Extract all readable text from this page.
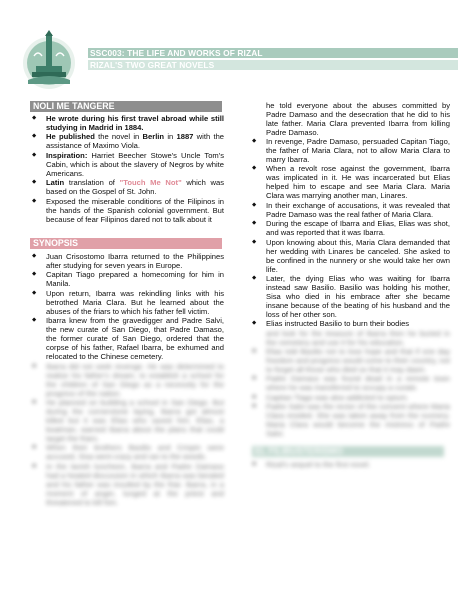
SSC003: THE LIFE AND WORKS OF RIZAL
RIZAL'S TWO GREAT NOVELS
NOLI ME TANGERE
◆ He wrote during his first travel abroad while still studying in Madrid in 1884.
◆ He published the novel in Berlin in 1887 with the assistance of Maximo Viola.
◆ Inspiration: Harriet Beecher Stowe's Uncle Tom's Cabin, which is about the slavery of Negros by white Americans.
◆ Latin translation of "Touch Me Not" which was based on the Gospel of St. John.
◆ Exposed the miserable conditions of the Filipinos in the hands of the Spanish colonial government. But because of fear Filipinos dared not to talk about it
SYNOPSIS
◆ Juan Crisostomo Ibarra returned to the Philippines after studying for seven years in Europe.
◆ Capitan Tiago prepared a homecoming for him in Manila.
◆ Upon return, Ibarra was rekindling links with his betrothed Maria Clara. But he learned about the abuses of the friars to which his father fell victim.
◆ Ibarra knew from the gravedigger and Padre Salvi, the new curate of San Diego, that Padre Damaso, the former curate of San Diego, ordered that the corpse of his father, Rafael Ibarra, be exhumed and relocated to the Chinese cemetery.
◆ Ibarra did not seek revenge. He was determined to realize his father's dream, to establish a school for the children of San Diego as a necessity for the progress of the nation.
◆ He planned on building a school in San Diego. But during the cornerstone laying, Ibarra got almost killed but it was Elias who saved him. Elias, a boatman, warned Ibarra about the plans that could target the friars.
◆ When their brothers Basilio and Crispin were accused, Sisa went crazy and ran to the woods.
◆ In the lavish luncheon, Ibarra and Padre Damaso had a heated discussion in which Ibarra was berated and his father was insulted by the friar. Ibarra, in a moment of anger, lunged at the priest and threatened to kill him.
he told everyone about the abuses committed by Padre Damaso and the desecration that he did to his late father. Maria Clara prevented Ibarra from killing Padre Damaso.
◆ In revenge, Padre Damaso, persuaded Capitan Tiago, the father of Maria Clara, not to allow Maria Clara to marry Ibarra.
◆ When a revolt rose against the government, Ibarra was implicated in it. He was incarcerated but Elias helped him to escape and see Maria Clara. Maria Clara was marrying another man, Linares.
◆ In their exchange of accusations, it was revealed that Padre Damaso was the real father of Maria Clara.
◆ During the escape of Ibarra and Elias, Elias was shot, and was reported that it was Ibarra.
◆ Upon knowing about this, Maria Clara demanded that her wedding with Linares be canceled. She asked to be confined in the nunnery or she would take her own life.
◆ Later, the dying Elias who was waiting for Ibarra instead saw Basilio. Basilio was holding his mother, Sisa who died in his embrace after she became insane because of the beating of his husband and the loss of her other son.
◆ Elias instructed Basilio to burn their bodies
and look for the treasure of Ibarra then he buried in the cemetery and use it for his education.
◆ Elias told Basilio not to lose hope and that if one day freedom and progress would come to their country, not to forget all those who died so that it may dawn.
◆ Padre Damaso was found dead in a remote town where he was transferred to occupy a curate.
◆ Capitan Tiago was also addicted to opium.
◆ Padre Salvi was the rector of the convent where Maria Clara resided. She was taken away from the nunnery. Maria Clara would become the mistress of Padre Salvi.
EL FILIBUSTERISMO
◆ Rizal's sequel to the first novel.
